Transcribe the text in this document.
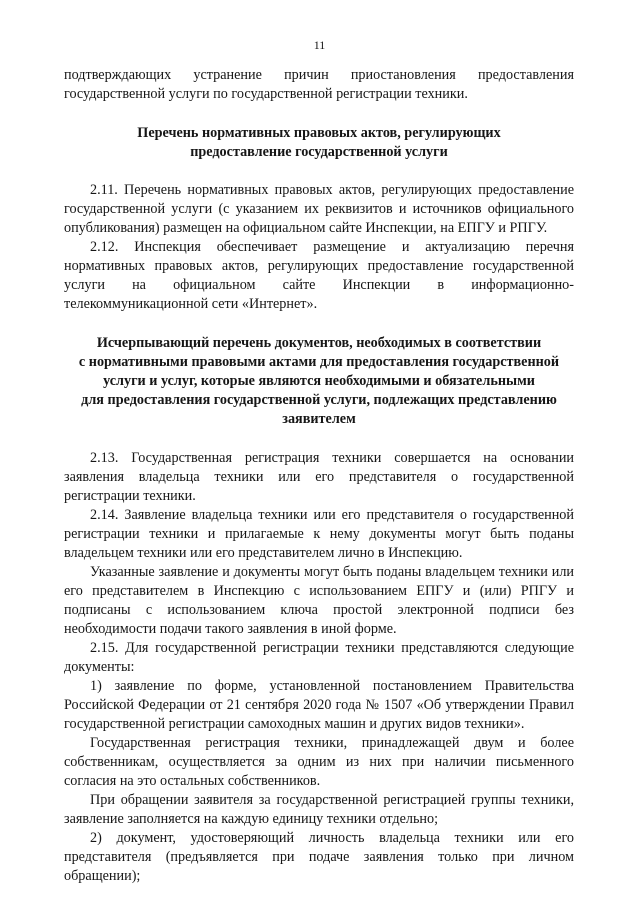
11

подтверждающих устранение причин приостановления предоставления государственной услуги по государственной регистрации техники.

Перечень нормативных правовых актов, регулирующих
предоставление государственной услуги

2.11. Перечень нормативных правовых актов, регулирующих предоставление государственной услуги (с указанием их реквизитов и источников официального опубликования) размещен на официальном сайте Инспекции, на ЕПГУ и РПГУ.

2.12. Инспекция обеспечивает размещение и актуализацию перечня нормативных правовых актов, регулирующих предоставление государственной услуги на официальном сайте Инспекции в информационно-телекоммуникационной сети «Интернет».

Исчерпывающий перечень документов, необходимых в соответствии
с нормативными правовыми актами для предоставления государственной
услуги и услуг, которые являются необходимыми и обязательными
для предоставления государственной услуги, подлежащих представлению
заявителем

2.13. Государственная регистрация техники совершается на основании заявления владельца техники или его представителя о государственной регистрации техники.

2.14. Заявление владельца техники или его представителя о государственной регистрации техники и прилагаемые к нему документы могут быть поданы владельцем техники или его представителем лично в Инспекцию.

Указанные заявление и документы могут быть поданы владельцем техники или его представителем в Инспекцию с использованием ЕПГУ и (или) РПГУ и подписаны с использованием ключа простой электронной подписи без необходимости подачи такого заявления в иной форме.

2.15. Для государственной регистрации техники представляются следующие документы:

1) заявление по форме, установленной постановлением Правительства Российской Федерации от 21 сентября 2020 года № 1507 «Об утверждении Правил государственной регистрации самоходных машин и других видов техники».

Государственная регистрация техники, принадлежащей двум и более собственникам, осуществляется за одним из них при наличии письменного согласия на это остальных собственников.

При обращении заявителя за государственной регистрацией группы техники, заявление заполняется на каждую единицу техники отдельно;

2) документ, удостоверяющий личность владельца техники или его представителя (предъявляется при подаче заявления только при личном обращении);
